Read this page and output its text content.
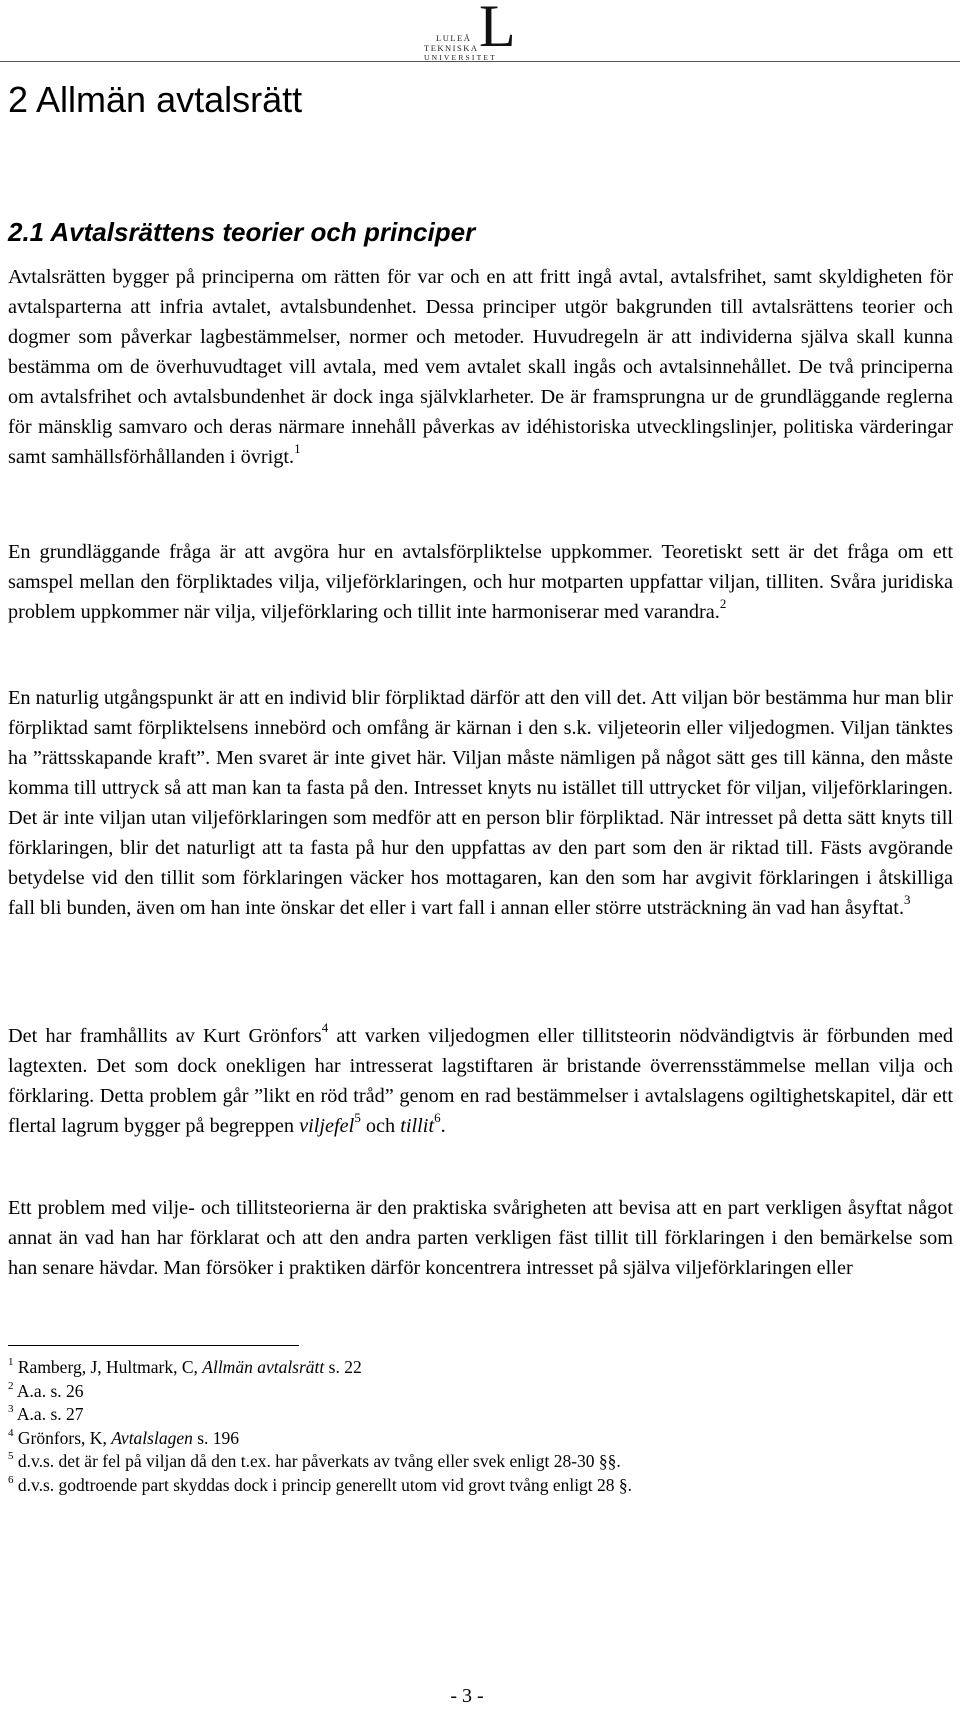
L
LULEÅ
TEKNISKA
UNIVERSITET
2 Allmän avtalsrätt
2.1 Avtalsrättens teorier och principer

Avtalsrätten bygger på principerna om rätten för var och en att fritt ingå avtal, avtalsfrihet, samt skyldigheten för avtalsparterna att infria avtalet, avtalsbundenhet. Dessa principer utgör bakgrunden till avtalsrättens teorier och dogmer som påverkar lagbestämmelser, normer och metoder. Huvudregeln är att individerna själva skall kunna bestämma om de överhuvudtaget vill avtala, med vem avtalet skall ingås och avtalsinnehållet. De två principerna om avtalsfrihet och avtalsbundenhet är dock inga självklarheter. De är framsprungna ur de grundläggande reglerna för mänsklig samvaro och deras närmare innehåll påverkas av idéhistoriska utvecklingslinjer, politiska värderingar samt samhällsförhållanden i övrigt.$^1$

En grundläggande fråga är att avgöra hur en avtalsförpliktelse uppkommer. Teoretiskt sett är det fråga om ett samspel mellan den förpliktades vilja, viljeförklaringen, och hur motparten uppfattar viljan, tilliten. Svåra juridiska problem uppkommer när vilja, viljeförklaring och tillit inte harmoniserar med varandra.$^2$

En naturlig utgångspunkt är att en individ blir förpliktad därför att den vill det. Att viljan bör bestämma hur man blir förpliktad samt förpliktelsens innebörd och omfång är kärnan i den s.k. viljeteorin eller viljedogmen. Viljan tänktes ha ”rättsskapande kraft”. Men svaret är inte givet här. Viljan måste nämligen på något sätt ges till känna, den måste komma till uttryck så att man kan ta fasta på den. Intresset knyts nu istället till uttrycket för viljan, viljeförklaringen. Det är inte viljan utan viljeförklaringen som medför att en person blir förpliktad. När intresset på detta sätt knyts till förklaringen, blir det naturligt att ta fasta på hur den uppfattas av den part som den är riktad till. Fästs avgörande betydelse vid den tillit som förklaringen väcker hos mottagaren, kan den som har avgivit förklaringen i åtskilliga fall bli bunden, även om han inte önskar det eller i vart fall i annan eller större utsträckning än vad han åsyftat.$^3$

Det har framhållits av Kurt Grönfors$^4$ att varken viljedogmen eller tillitsteorin nödvändigtvis är förbunden med lagtexten. Det som dock onekligen har intresserat lagstiftaren är bristande överrensstämmelse mellan vilja och förklaring. Detta problem går ”likt en röd tråd” genom en rad bestämmelser i avtalslagens ogiltighetskapitel, där ett flertal lagrum bygger på begreppen viljefel$^5$ och tillit$^6$.

Ett problem med vilje- och tillitsteorierna är den praktiska svårigheten att bevisa att en part verkligen åsyftat något annat än vad han har förklarat och att den andra parten verkligen fäst tillit till förklaringen i den bemärkelse som han senare hävdar. Man försöker i praktiken därför koncentrera intresset på själva viljeförklaringen eller

$^1$ Ramberg, J, Hultmark, C, Allmän avtalsrätt s. 22
$^2$ A.a. s. 26
$^3$ A.a. s. 27
$^4$ Grönfors, K, Avtalslagen s. 196
$^5$ d.v.s. det är fel på viljan då den t.ex. har påverkats av tvång eller svek enligt 28-30 §§.
$^6$ d.v.s. godtroende part skyddas dock i princip generellt utom vid grovt tvång enligt 28 §.
- 3 -
